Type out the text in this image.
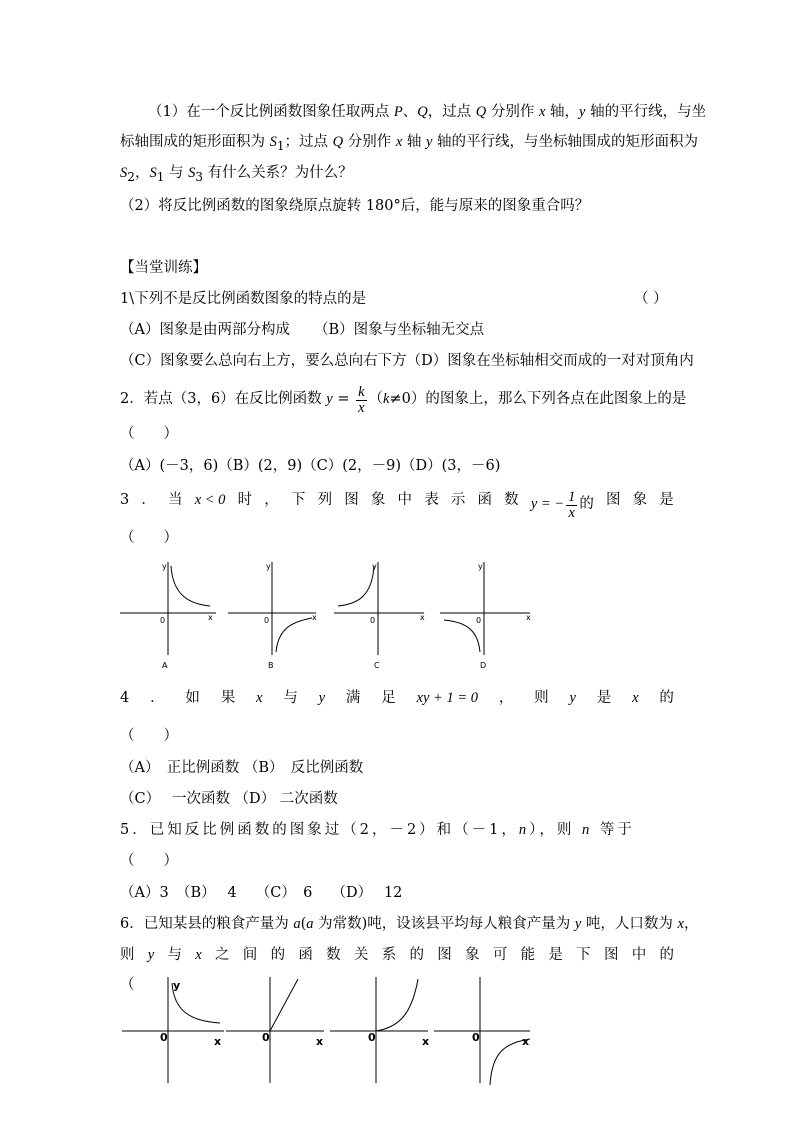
（1）在一个反比例函数图象任取两点 P、Q，过点 Q 分别作 x 轴，y 轴的平行线，与坐
标轴围成的矩形面积为 $S_1$；过点 Q 分别作 x 轴 y 轴的平行线，与坐标轴围成的矩形面积为
$S_2$，$S_1$ 与 $S_3$ 有什么关系？为什么？
（2）将反比例函数的图象绕原点旋转 180°后，能与原来的图象重合吗？
【当堂训练】
1\下列不是反比例函数图象的特点的是	（ ）
（A）图象是由两部分构成 （B）图象与坐标轴无交点
（C）图象要么总向右上方，要么总向右下方（D）图象在坐标轴相交而成的一对对顶角内
2．若点（3，6）在反比例函数 $y = \frac{k}{x} (k\ne 0)$的图象上，那么下列各点在此图象上的是
（　　）
（A）(－3，6)（B）(2，9)（C）(2，－9)（D）(3，－6)
3 ． 当 x < 0 时 ， 下 列 图 象 中 表 示 函 数 y = − $\frac{1}{x}$ 的 图 象 是
（　　）
0	x
y
A
0	x
y
B
0	x
y
C
0	x
y
D
4 ． 如 果 x 与 y 满 足 xy + 1 = 0 ， 则 y 是 x 的
（　　）
（A）　正比例函数 （B）　反比例函数
（C）　 一次函数 （D） 二次函数
5．已知反比例函数的图象过（2，－2）和（－1，n），则 n 等于
（　　）
（A）3　（B）　 4　 （C）　6　 （D）　 12
6．已知某县的粮食产量为 a(a 为常数)吨，设该县平均每人粮食产量为 y 吨，人口数为 x，
则 y 与 x 之 间 的 函 数 关 系 的 图 象 可 能 是 下 图 中 的
（
0	x
y
0	x	0	x	0	x
